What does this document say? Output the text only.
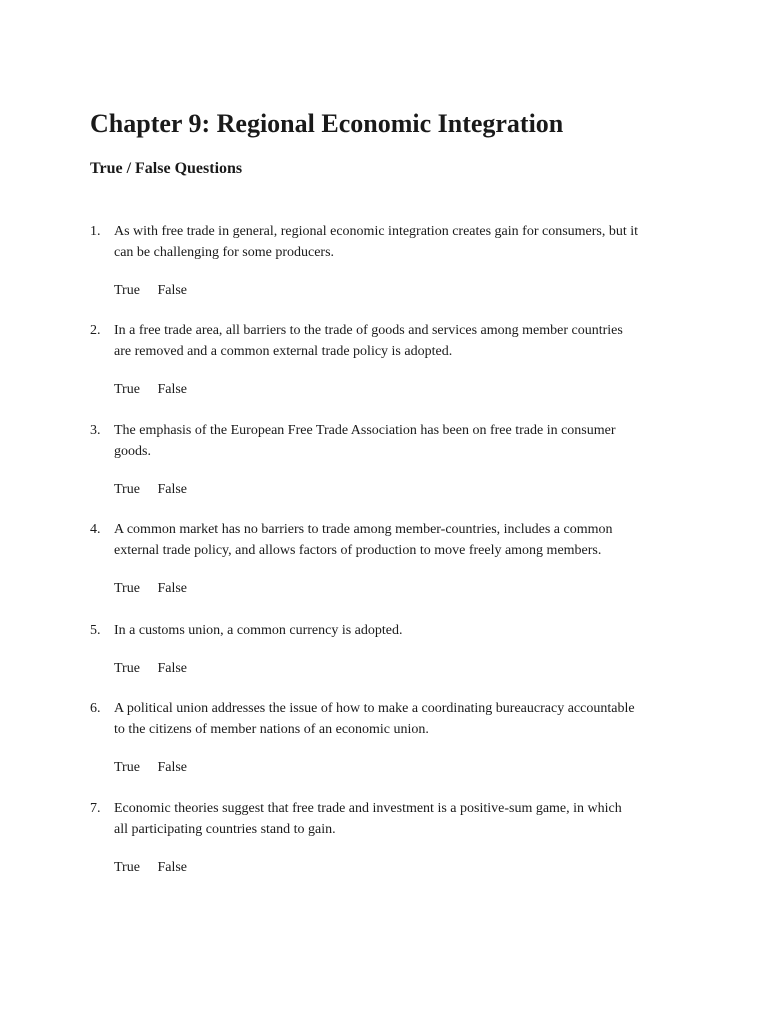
Chapter 9: Regional Economic Integration
True / False Questions
1. As with free trade in general, regional economic integration creates gain for consumers, but it
can be challenging for some producers.
True False
2. In a free trade area, all barriers to the trade of goods and services among member countries
are removed and a common external trade policy is adopted.
True False
3. The emphasis of the European Free Trade Association has been on free trade in consumer
goods.
True False
4. A common market has no barriers to trade among member-countries, includes a common
external trade policy, and allows factors of production to move freely among members.
True False
5. In a customs union, a common currency is adopted.
True False
6. A political union addresses the issue of how to make a coordinating bureaucracy accountable
to the citizens of member nations of an economic union.
True False
7. Economic theories suggest that free trade and investment is a positive-sum game, in which
all participating countries stand to gain.
True False
